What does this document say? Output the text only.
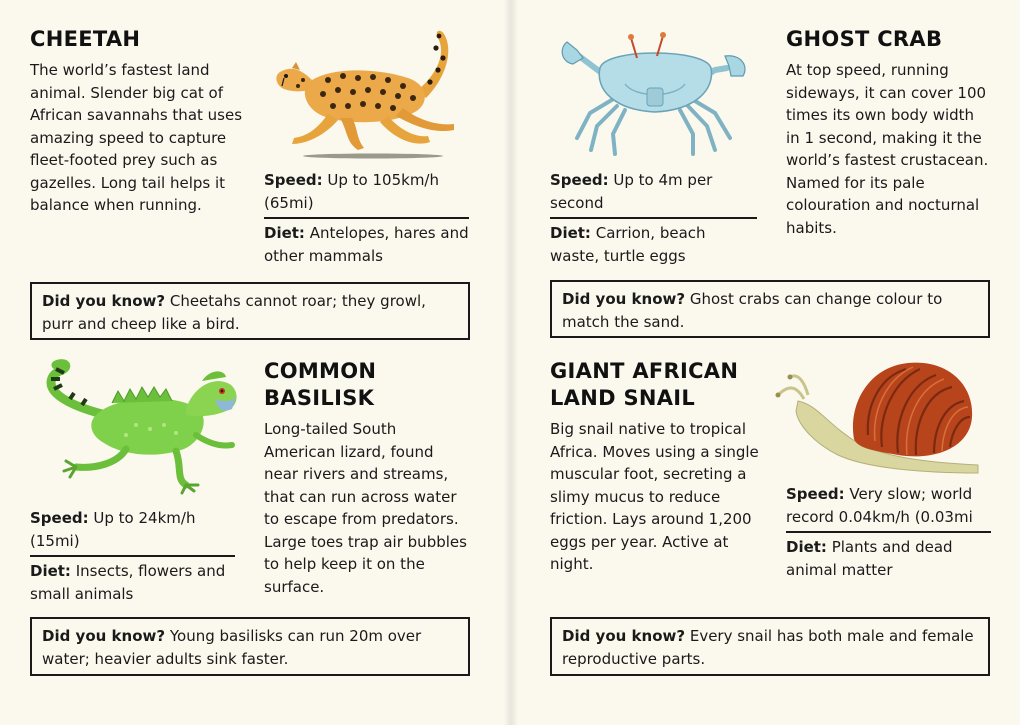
CHEETAH

The world’s fastest land animal. Slender big cat of African savannahs that uses amazing speed to capture fleet-footed prey such as gazelles. Long tail helps it balance when running.

Speed: Up to 105km/h (65mi)

Diet: Antelopes, hares and other mammals

Did you know? Cheetahs cannot roar; they growl, purr and cheep like a bird.
GHOST CRAB

At top speed, running sideways, it can cover 100 times its own body width in 1 second, making it the world’s fastest crustacean. Named for its pale colouration and nocturnal habits.

Speed: Up to 4m per second

Diet: Carrion, beach waste, turtle eggs

Did you know? Ghost crabs can change colour to match the sand.
COMMON BASILISK

Long-tailed South American lizard, found near rivers and streams, that can run across water to escape from predators. Large toes trap air bubbles to help keep it on the surface.

Speed: Up to 24km/h (15mi)

Diet: Insects, flowers and small animals

Did you know? Young basilisks can run 20m over water; heavier adults sink faster.
GIANT AFRICAN LAND SNAIL

Big snail native to tropical Africa. Moves using a single muscular foot, secreting a slimy mucus to reduce friction. Lays around 1,200 eggs per year. Active at night.

Speed: Very slow; world record 0.04km/h (0.03mi

Diet: Plants and dead animal matter

Did you know? Every snail has both male and female reproductive parts.
